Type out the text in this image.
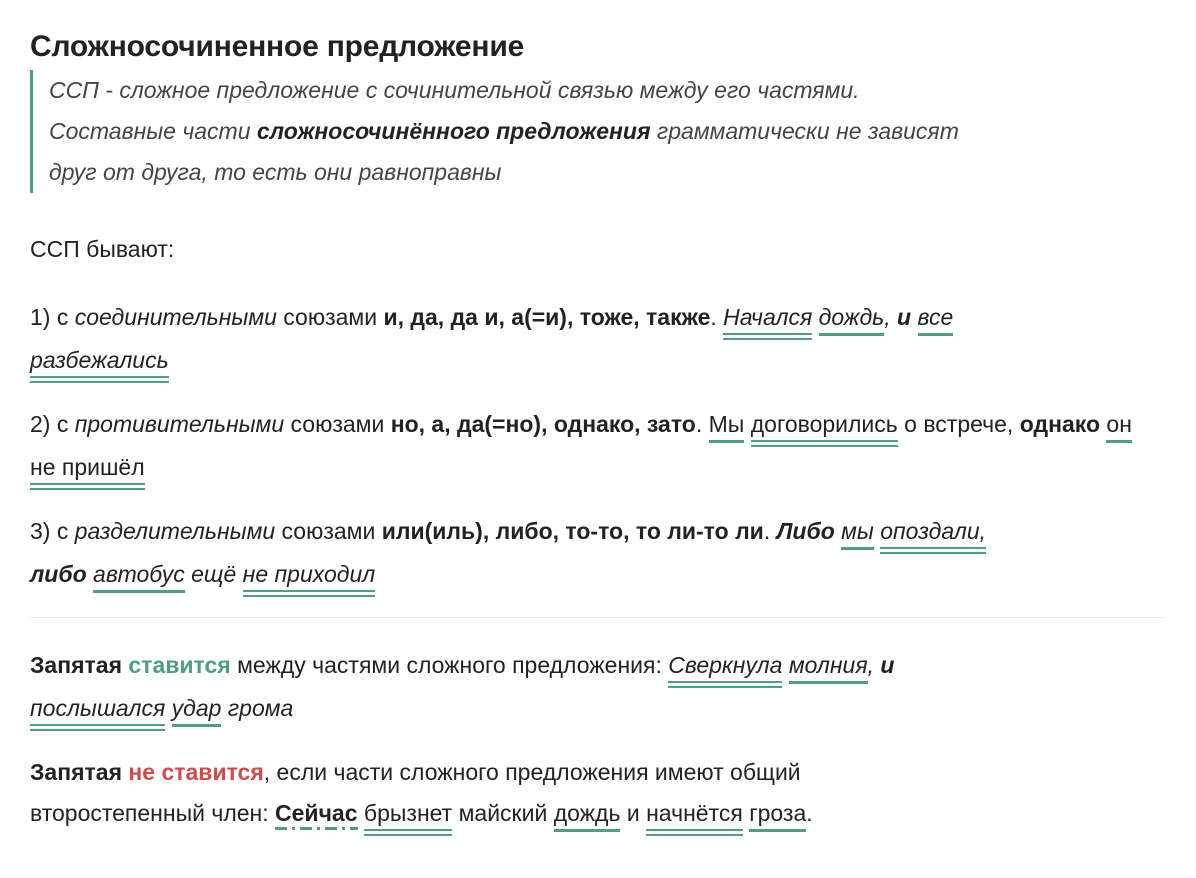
Сложносочиненное предложение

ССП - сложное предложение с сочинительной связью между его частями.

Составные части сложносочинённого предложения грамматически не зависят

друг от друга, то есть они равноправны

ССП бывают:

1) с соединительными союзами и, да, да и, а(=и), тоже, также. Начался дождь, и все
разбежались

2) с противительными союзами но, а, да(=но), однако, зато. Мы договорились о встрече, однако он не пришёл

3) с разделительными союзами или(иль), либо, то-то, то ли-то ли. Либо мы опоздали,
либо автобус ещё не приходил

Запятая ставится между частями сложного предложения: Сверкнула молния, и
послышался удар грома

Запятая не ставится, если части сложного предложения имеют общий
второстепенный член: Сейчас брызнет майский дождь и начнётся гроза.
